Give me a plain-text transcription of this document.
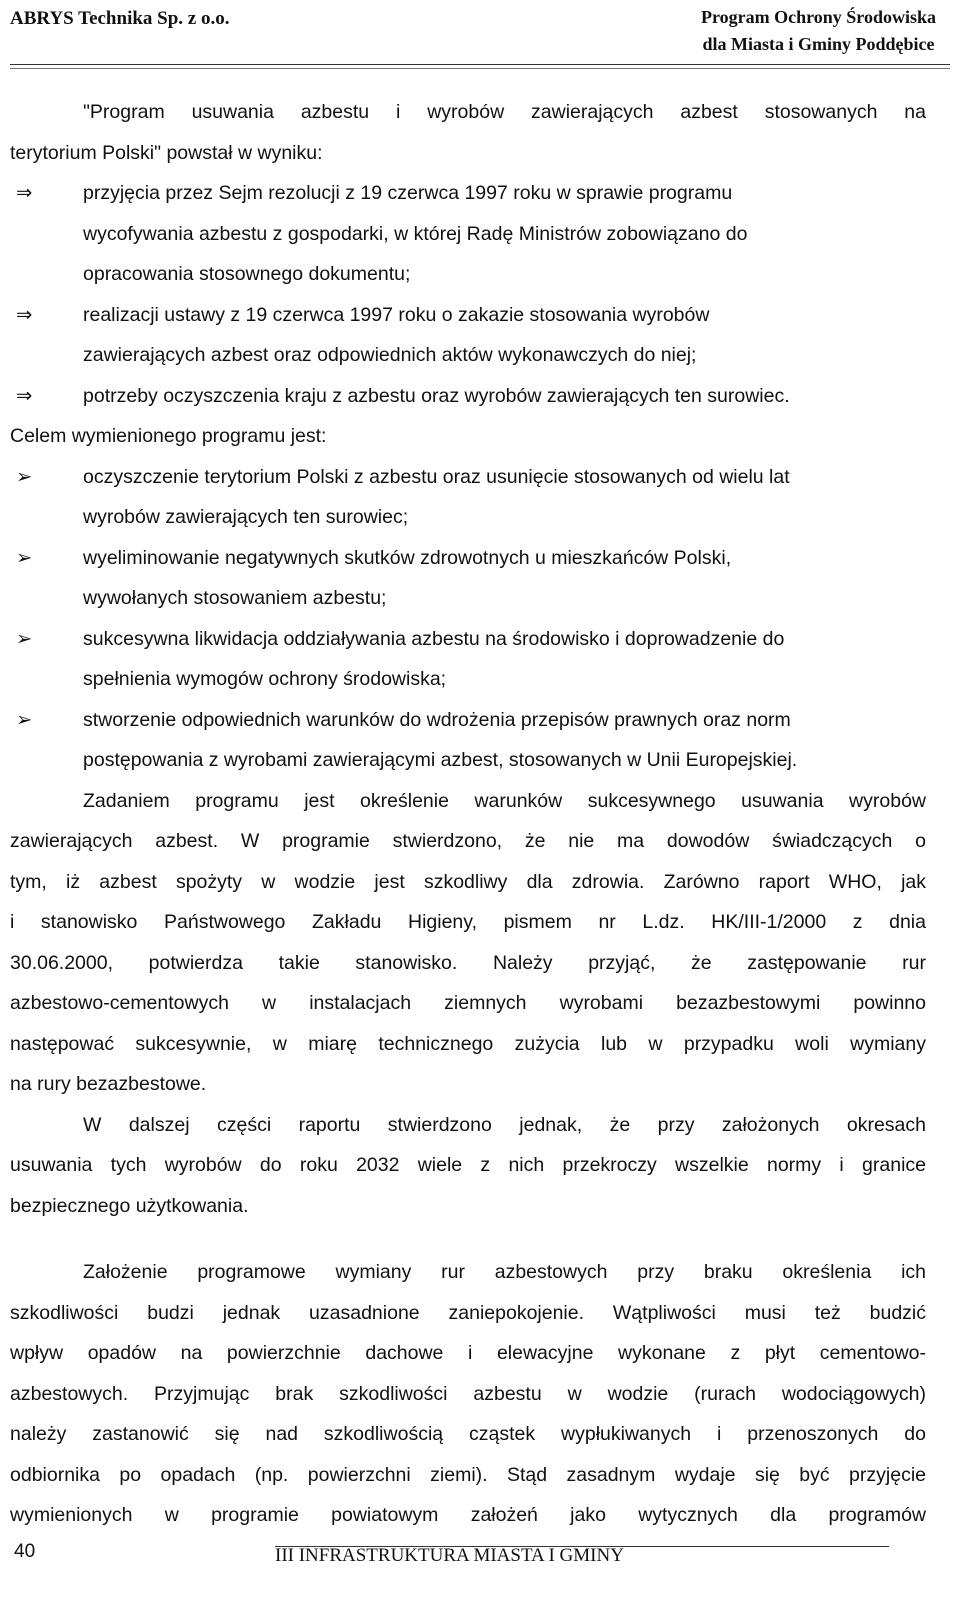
ABRYS Technika Sp. z o.o.	Program Ochrony Środowiska
dla Miasta i Gminy Poddębice
"Program usuwania azbestu i wyrobów zawierających azbest stosowanych na
terytorium Polski" powstał w wyniku:
⇒	przyjęcia przez Sejm rezolucji z 19 czerwca 1997 roku w sprawie programu
wycofywania azbestu z gospodarki, w której Radę Ministrów zobowiązano do
opracowania stosownego dokumentu;
⇒	realizacji ustawy z 19 czerwca 1997 roku o zakazie stosowania wyrobów
zawierających azbest oraz odpowiednich aktów wykonawczych do niej;
⇒	potrzeby oczyszczenia kraju z azbestu oraz wyrobów zawierających ten surowiec.
Celem wymienionego programu jest:
➢	oczyszczenie terytorium Polski z azbestu oraz usunięcie stosowanych od wielu lat
wyrobów zawierających ten surowiec;
➢	wyeliminowanie negatywnych skutków zdrowotnych u mieszkańców Polski,
wywołanych stosowaniem azbestu;
➢	sukcesywna likwidacja oddziaływania azbestu na środowisko i doprowadzenie do
spełnienia wymogów ochrony środowiska;
➢	stworzenie odpowiednich warunków do wdrożenia przepisów prawnych oraz norm
postępowania z wyrobami zawierającymi azbest, stosowanych w Unii Europejskiej.
Zadaniem programu jest określenie warunków sukcesywnego usuwania wyrobów
zawierających azbest. W programie stwierdzono, że nie ma dowodów świadczących o
tym, iż azbest spożyty w wodzie jest szkodliwy dla zdrowia. Zarówno raport WHO, jak
i stanowisko Państwowego Zakładu Higieny, pismem nr L.dz. HK/III-1/2000 z dnia
30.06.2000, potwierdza takie stanowisko. Należy przyjąć, że zastępowanie rur
azbestowo-cementowych w instalacjach ziemnych wyrobami bezazbestowymi powinno
następować sukcesywnie, w miarę technicznego zużycia lub w przypadku woli wymiany
na rury bezazbestowe.
W dalszej części raportu stwierdzono jednak, że przy założonych okresach
usuwania tych wyrobów do roku 2032 wiele z nich przekroczy wszelkie normy i granice
bezpiecznego użytkowania.
Założenie programowe wymiany rur azbestowych przy braku określenia ich
szkodliwości budzi jednak uzasadnione zaniepokojenie. Wątpliwości musi też budzić
wpływ opadów na powierzchnie dachowe i elewacyjne wykonane z płyt cementowo-
azbestowych. Przyjmując brak szkodliwości azbestu w wodzie (rurach wodociągowych)
należy zastanowić się nad szkodliwością cząstek wypłukiwanych i przenoszonych do
odbiornika po opadach (np. powierzchni ziemi). Stąd zasadnym wydaje się być przyjęcie
wymienionych w programie powiatowym założeń jako wytycznych dla programów
40	III INFRASTRUKTURA MIASTA I GMINY
